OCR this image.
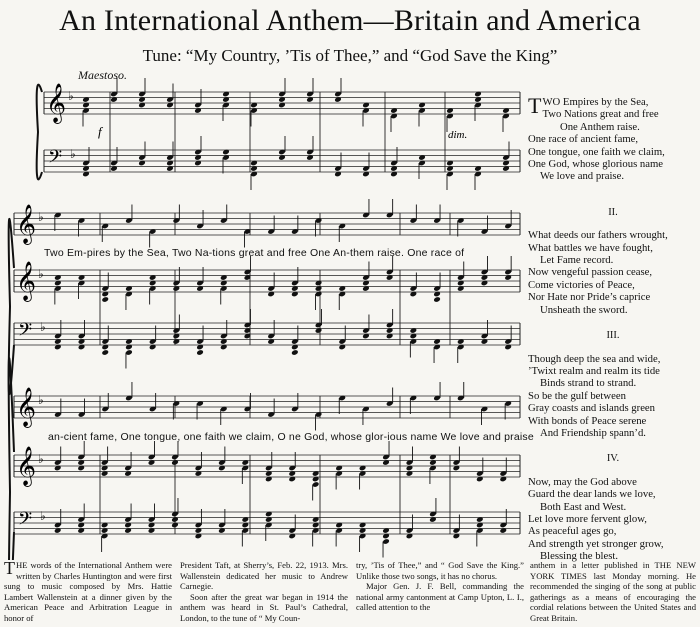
An International Anthem—Britain and America
Tune: “My Country, ’Tis of Thee,” and “God Save the King”
Maestoso.
𝄞 ♭
𝄢 ♭
𝄞 ♭
𝄞 ♭
𝄢 ♭
𝄞 ♭
𝄞 ♭
𝄢 ♭
f	dim.
Two Em-pires by the Sea, Two Na-tions great and free One An-them raise. One race of
an-cient fame, One tongue, one faith we claim, O ne God, whose glor-ious name We love and praise
TWO Empires by the Sea,
Two Nations great and free
One Anthem raise.
One race of ancient fame,
One tongue, one faith we claim,
One God, whose glorious name
We love and praise.
II.
What deeds our fathers wrought,
What battles we have fought,
Let Fame record.
Now vengeful passion cease,
Come victories of Peace,
Nor Hate nor Pride’s caprice
Unsheath the sword.
III.
Though deep the sea and wide,
’Twixt realm and realm its tide
Binds strand to strand.
So be the gulf between
Gray coasts and islands green
With bonds of Peace serene
And Friendship spann’d.
IV.
Now, may the God above
Guard the dear lands we love,
Both East and West.
Let love more fervent glow,
As peaceful ages go,
And strength yet stronger grow,
Blessing the blest.

THE words of the International Anthem were written by Charles Huntington and were first sung to music composed by Mrs. Hattie Lambert Wallenstein at a dinner given by the American Peace and Arbitration League in honor of

President Taft, at Sherry’s, Feb. 22, 1913. Mrs. Wallenstein dedicated her music to Andrew Carnegie.

Soon after the great war began in 1914 the anthem was heard in St. Paul’s Cathedral, London, to the tune of “ My Coun-

try, ’Tis of Thee,” and “ God Save the King.” Unlike those two songs, it has no chorus.

Major Gen. J. F. Bell, commanding the national army cantonment at Camp Upton, L. I., called attention to the

anthem in a letter published in THE NEW YORK TIMES last Monday morning. He recommended the singing of the song at public gatherings as a means of encouraging the cordial relations between the United States and Great Britain.
